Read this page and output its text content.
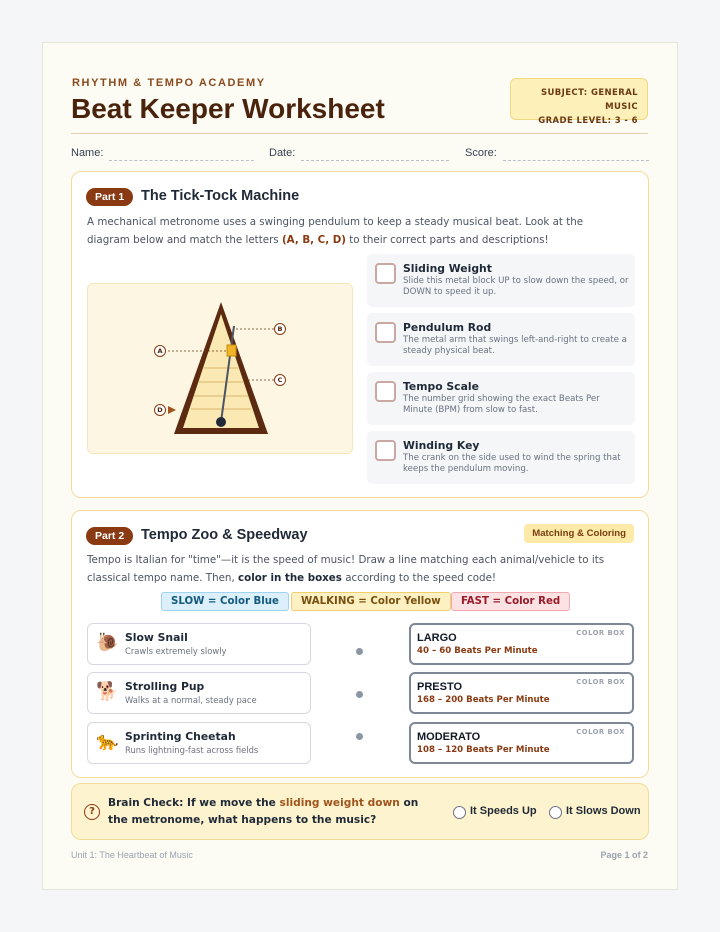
RHYTHM & TEMPO ACADEMY
Beat Keeper Worksheet	SUBJECT: GENERAL MUSIC
GRADE LEVEL: 3 - 6
Name:	Date:	Score:
Part 1	The Tick-Tock Machine
A mechanical metronome uses a swinging pendulum to keep a steady musical beat. Look at the diagram below and match the letters (A, B, C, D) to their correct parts and descriptions!
A
B
C
D
Sliding Weight
Slide this metal block UP to slow down the speed, or DOWN to speed it up.
Pendulum Rod
The metal arm that swings left-and-right to create a steady physical beat.
Tempo Scale
The number grid showing the exact Beats Per Minute (BPM) from slow to fast.
Winding Key
The crank on the side used to wind the spring that keeps the pendulum moving.
Part 2	Tempo Zoo & Speedway	Matching & Coloring
Tempo is Italian for "time"—it is the speed of music! Draw a line matching each animal/vehicle to its classical tempo name. Then, color in the boxes according to the speed code!
SLOW = Color Blue	WALKING = Color Yellow	FAST = Color Red
🐌 Slow Snail
Crawls extremely slowly
🐕 Strolling Pup
Walks at a normal, steady pace
🐆 Sprinting Cheetah
Runs lightning-fast across fields
LARGO
40 – 60 Beats Per Minute
COLOR BOX
PRESTO
168 – 200 Beats Per Minute
COLOR BOX
MODERATO
108 – 120 Beats Per Minute
COLOR BOX
?
Brain Check: If we move the sliding weight down on the metronome, what happens to the music?
It Speeds Up	It Slows Down
Unit 1: The Heartbeat of Music	Page 1 of 2
